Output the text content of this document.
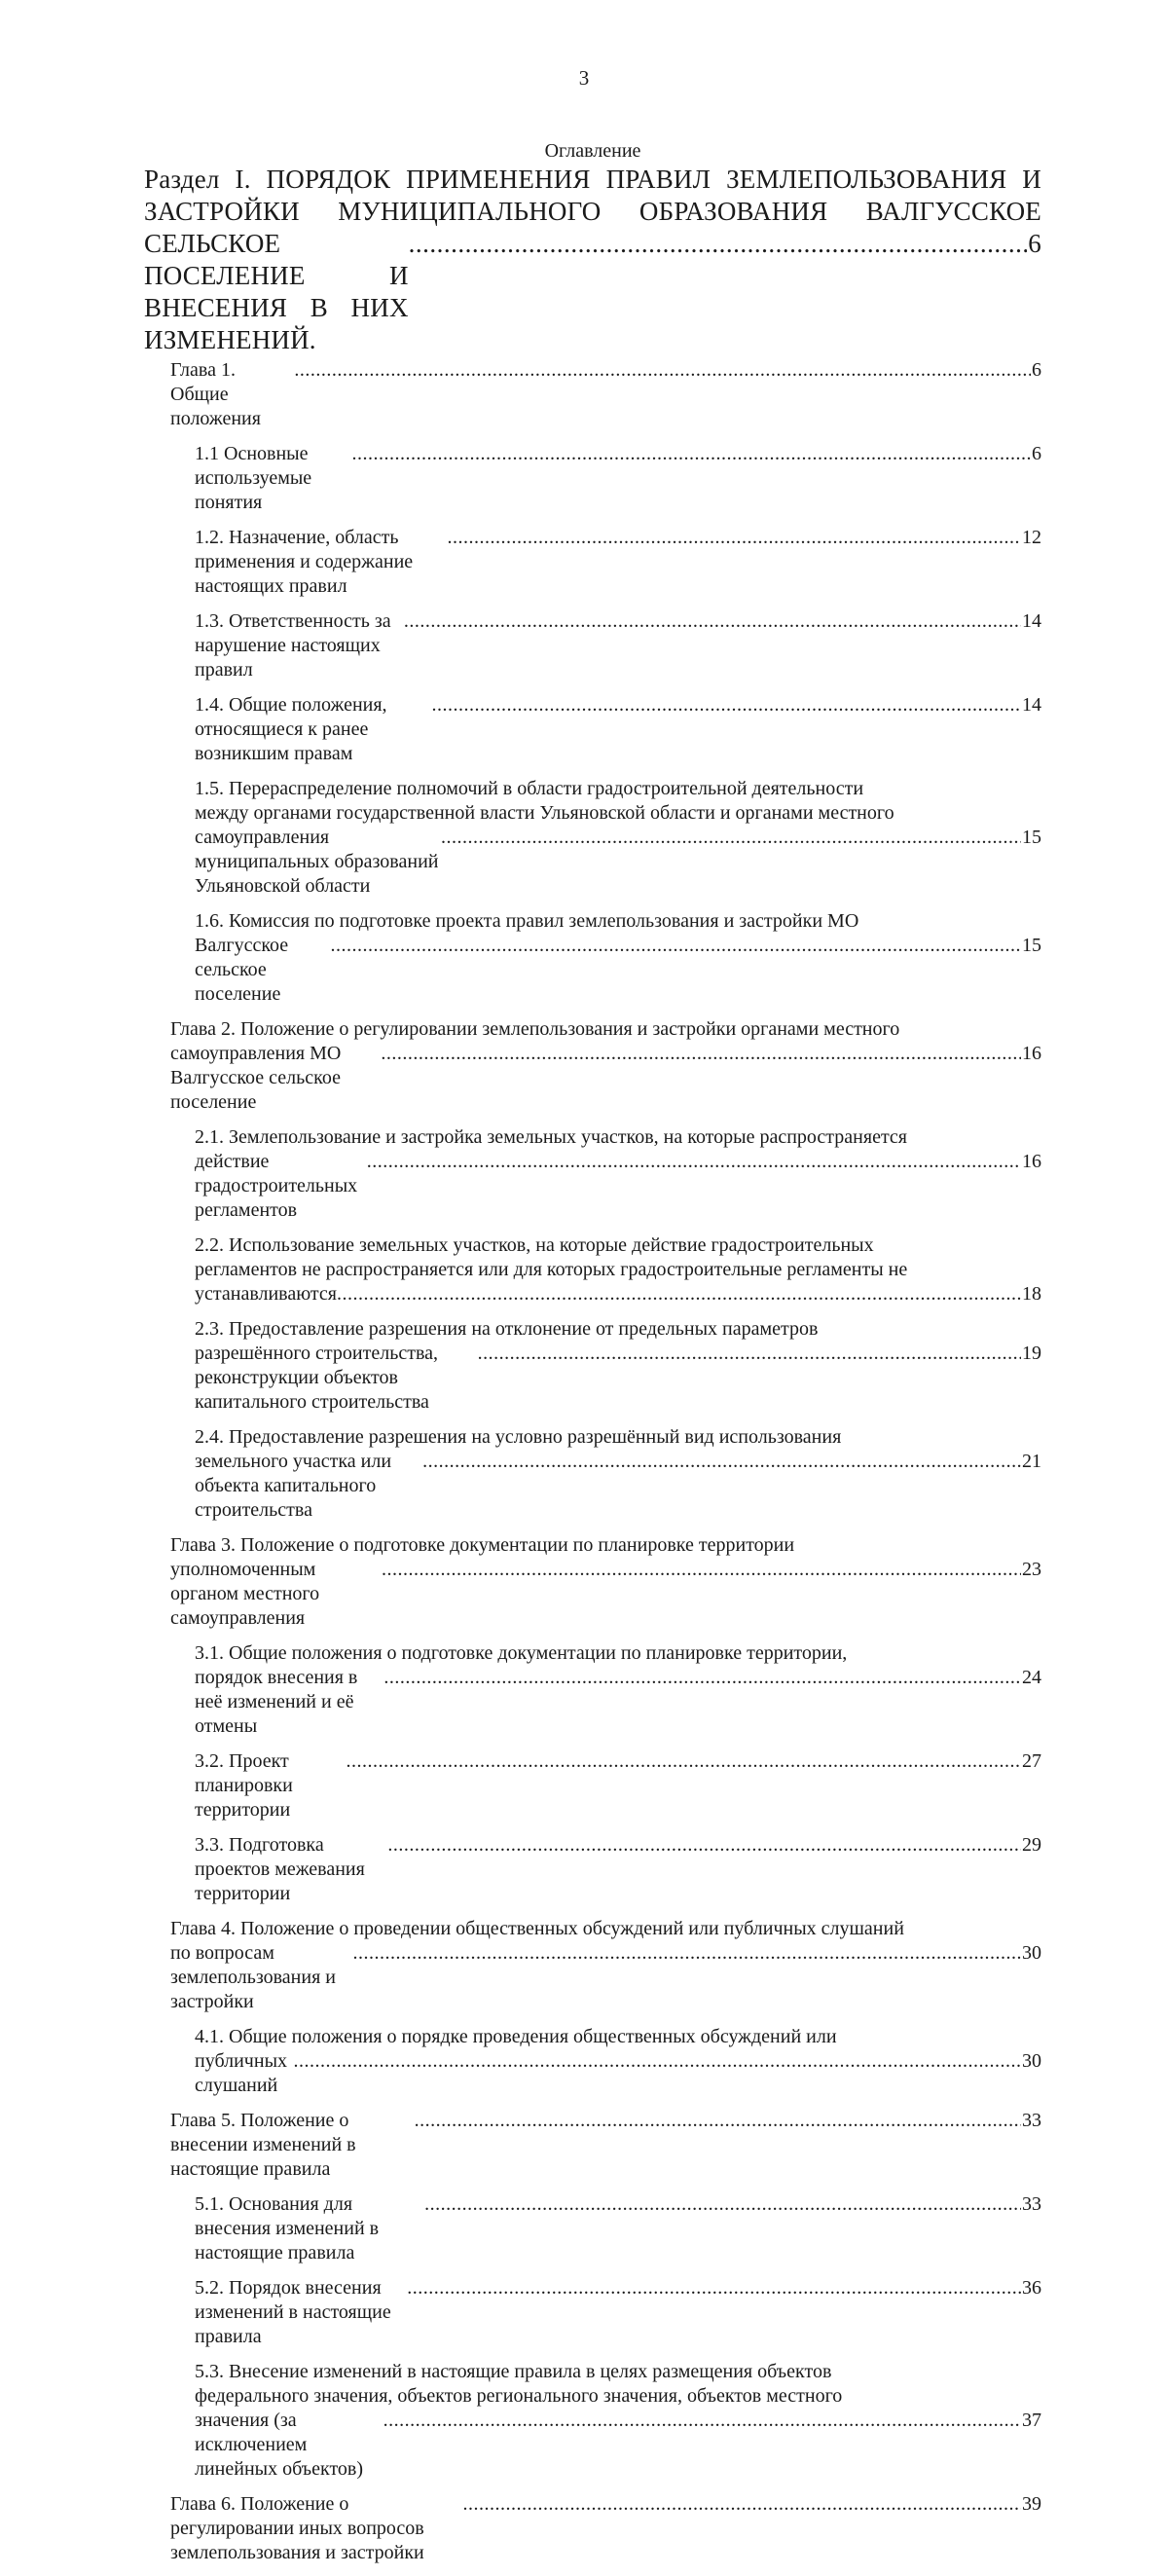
3
Оглавление
Раздел I. ПОРЯДОК ПРИМЕНЕНИЯ ПРАВИЛ ЗЕМЛЕПОЛЬЗОВАНИЯ И
ЗАСТРОЙКИ МУНИЦИПАЛЬНОГО ОБРАЗОВАНИЯ ВАЛГУССКОЕ
СЕЛЬСКОЕ ПОСЕЛЕНИЕ И ВНЕСЕНИЯ В НИХ ИЗМЕНЕНИЙ.
.....
6
Глава 1. Общие положения
.....
6
1.1 Основные используемые понятия
.....
6
1.2. Назначение, область применения и содержание настоящих правил
.....
12
1.3. Ответственность за нарушение настоящих правил
.....
14
1.4. Общие положения, относящиеся к ранее возникшим правам
.....
14
1.5. Перераспределение полномочий в области градостроительной деятельности
между органами государственной власти Ульяновской области и органами местного
самоуправления муниципальных образований Ульяновской области
.....
15
1.6. Комиссия по подготовке проекта правил землепользования и застройки МО
Валгусское сельское поселение
.....
15
Глава 2. Положение о регулировании землепользования и застройки органами местного
самоуправления МО Валгусское сельское поселение
.....
16
2.1. Землепользование и застройка земельных участков, на которые распространяется
действие градостроительных регламентов
.....
16
2.2. Использование земельных участков, на которые действие градостроительных
регламентов не распространяется или для которых градостроительные регламенты не
устанавливаются
.....	18
2.3. Предоставление разрешения на отклонение от предельных параметров
разрешённого строительства, реконструкции объектов капитального строительства
.....
19
2.4. Предоставление разрешения на условно разрешённый вид использования
земельного участка или объекта капитального строительства
.....
21
Глава 3. Положение о подготовке документации по планировке территории
уполномоченным органом местного самоуправления
.....
23
3.1. Общие положения о подготовке документации по планировке территории,
порядок внесения в неё изменений и её отмены
.....
24
3.2. Проект планировки территории
.....
27
3.3. Подготовка проектов межевания территории
.....
29
Глава 4. Положение о проведении общественных обсуждений или публичных слушаний
по вопросам землепользования и застройки
.....
30
4.1. Общие положения о порядке проведения общественных обсуждений или
публичных слушаний
.....
30
Глава 5. Положение о внесении изменений в настоящие правила
.....
33
5.1. Основания для внесения изменений в настоящие правила
.....
33
5.2. Порядок внесения изменений в настоящие правила
.....
36
5.3. Внесение изменений в настоящие правила в целях размещения объектов
федерального значения, объектов регионального значения, объектов местного
значения (за исключением линейных объектов)
.....
37
Глава 6. Положение о регулировании иных вопросов землепользования и застройки
.....
39
